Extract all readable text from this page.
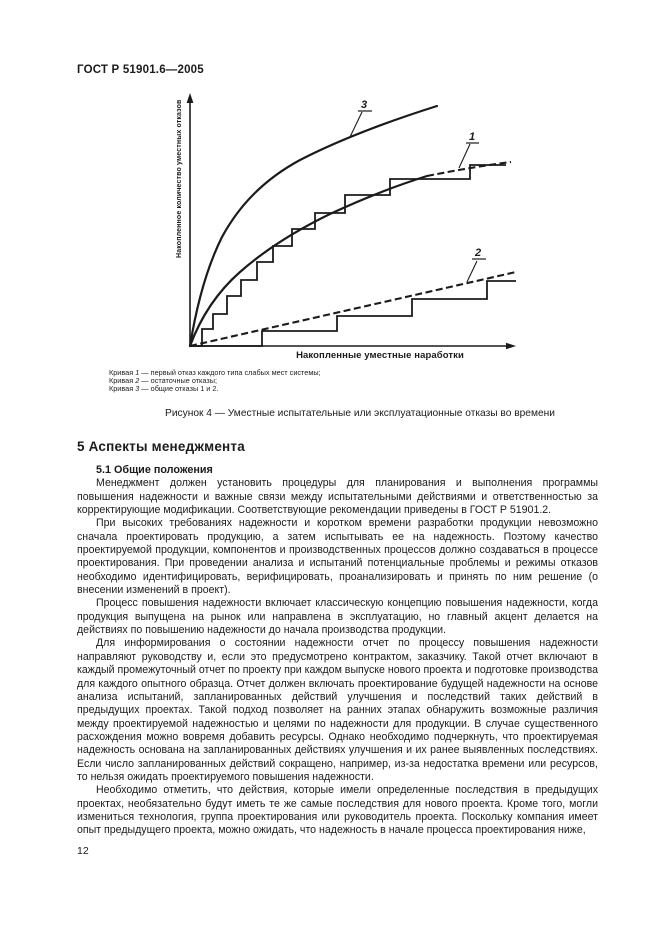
ГОСТ Р 51901.6—2005
3
1
2
Накопленное количество уместных отказов
Накопленные уместные наработки
Кривая 1 — первый отказ каждого типа слабых мест системы;
Кривая 2 — остаточные отказы;
Кривая 3 — общие отказы 1 и 2.
Рисунок 4 — Уместные испытательные или эксплуатационные отказы во времени
5 Аспекты менеджмента

5.1 Общие положения

Менеджмент должен установить процедуры для планирования и выполнения программы повышения надежности и важные связи между испытательными действиями и ответственностью за корректирующие модификации. Соответствующие рекомендации приведены в ГОСТ Р 51901.2.

При высоких требованиях надежности и коротком времени разработки продукции невозможно сначала проектировать продукцию, а затем испытывать ее на надежность. Поэтому качество проектируемой продукции, компонентов и производственных процессов должно создаваться в процессе проектирования. При проведении анализа и испытаний потенциальные проблемы и режимы отказов необходимо идентифицировать, верифицировать, проанализировать и принять по ним решение (о внесении изменений в проект).

Процесс повышения надежности включает классическую концепцию повышения надежности, когда продукция выпущена на рынок или направлена в эксплуатацию, но главный акцент делается на действиях по повышению надежности до начала производства продукции.

Для информирования о состоянии надежности отчет по процессу повышения надежности направляют руководству и, если это предусмотрено контрактом, заказчику. Такой отчет включают в каждый промежуточный отчет по проекту при каждом выпуске нового проекта и подготовке производства для каждого опытного образца. Отчет должен включать проектирование будущей надежности на основе анализа испытаний, запланированных действий улучшения и последствий таких действий в предыдущих проектах. Такой подход позволяет на ранних этапах обнаружить возможные различия между проектируемой надежностью и целями по надежности для продукции. В случае существенного расхождения можно вовремя добавить ресурсы. Однако необходимо подчеркнуть, что проектируемая надежность основана на запланированных действиях улучшения и их ранее выявленных последствиях. Если число запланированных действий сокращено, например, из-за недостатка времени или ресурсов, то нельзя ожидать проектируемого повышения надежности.

Необходимо отметить, что действия, которые имели определенные последствия в предыдущих проектах, необязательно будут иметь те же самые последствия для нового проекта. Кроме того, могли измениться технология, группа проектирования или руководитель проекта. Поскольку компания имеет опыт предыдущего проекта, можно ожидать, что надежность в начале процесса проектирования ниже,

12
